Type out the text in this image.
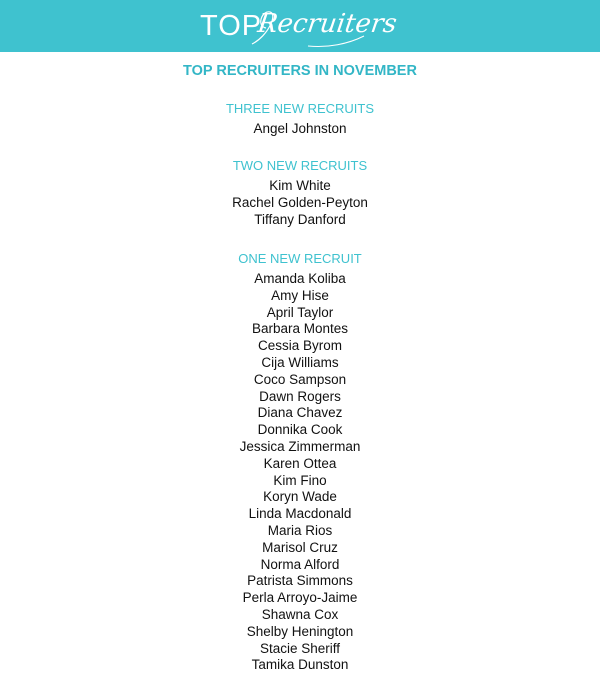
TOP
Recruiters
TOP RECRUITERS IN NOVEMBER
THREE NEW RECRUITS
Angel Johnston
TWO NEW RECRUITS
Kim White
Rachel Golden-Peyton
Tiffany Danford
ONE NEW RECRUIT
Amanda Koliba
Amy Hise
April Taylor
Barbara Montes
Cessia Byrom
Cija Williams
Coco Sampson
Dawn Rogers
Diana Chavez
Donnika Cook
Jessica Zimmerman
Karen Ottea
Kim Fino
Koryn Wade
Linda Macdonald
Maria Rios
Marisol Cruz
Norma Alford
Patrista Simmons
Perla Arroyo-Jaime
Shawna Cox
Shelby Henington
Stacie Sheriff
Tamika Dunston
